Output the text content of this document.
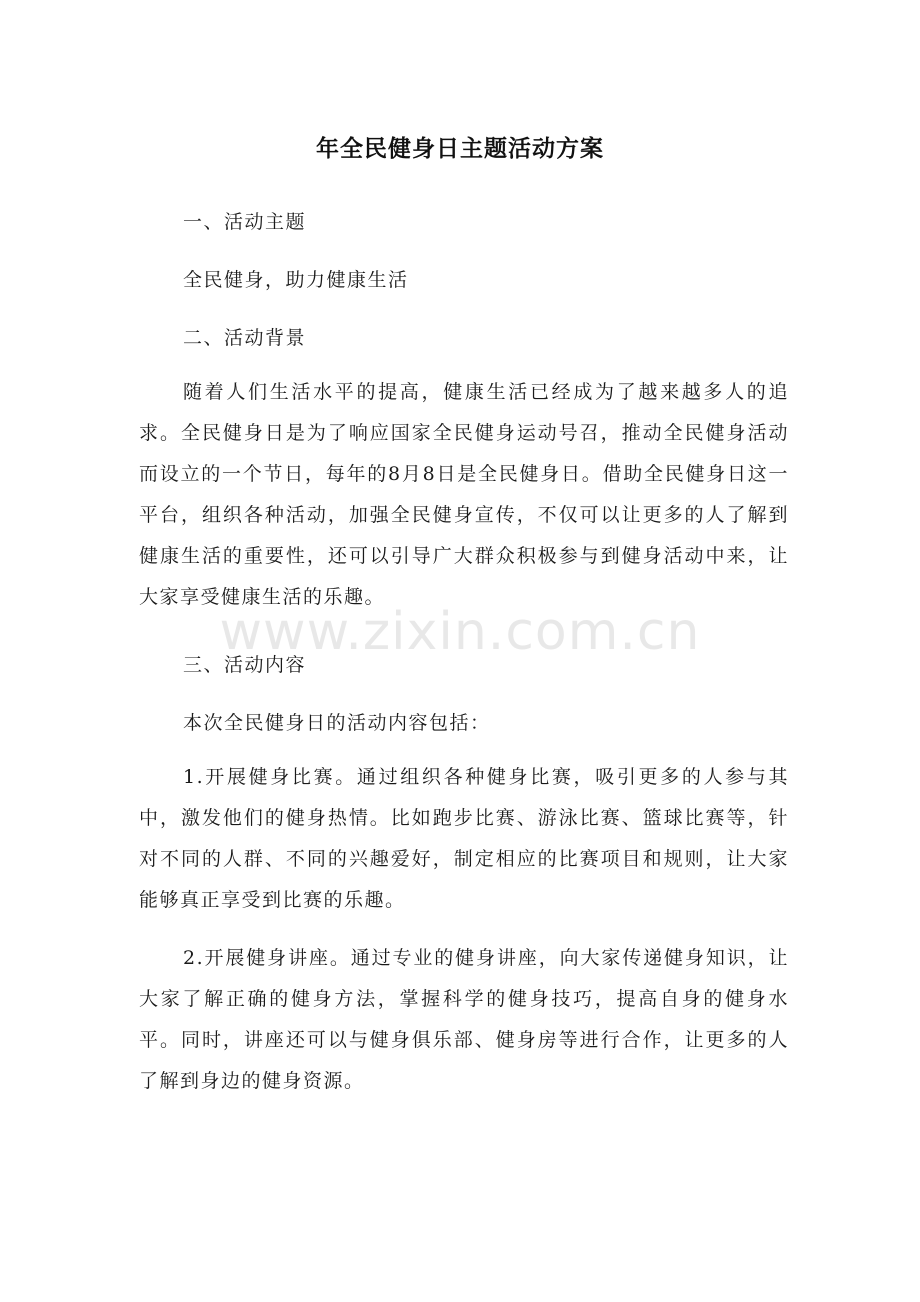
年全民健身日主题活动方案
一、活动主题
全民健身，助力健康生活
二、活动背景
随着人们生活水平的提高，健康生活已经成为了越来越多人的追求。全民健身日是为了响应国家全民健身运动号召，推动全民健身活动而设立的一个节日，每年的8月8日是全民健身日。借助全民健身日这一平台，组织各种活动，加强全民健身宣传，不仅可以让更多的人了解到健康生活的重要性，还可以引导广大群众积极参与到健身活动中来，让大家享受健康生活的乐趣。
www.zixin.com.cn
三、活动内容
本次全民健身日的活动内容包括：
1.开展健身比赛。通过组织各种健身比赛，吸引更多的人参与其中，激发他们的健身热情。比如跑步比赛、游泳比赛、篮球比赛等，针对不同的人群、不同的兴趣爱好，制定相应的比赛项目和规则，让大家能够真正享受到比赛的乐趣。
2.开展健身讲座。通过专业的健身讲座，向大家传递健身知识，让大家了解正确的健身方法，掌握科学的健身技巧，提高自身的健身水平。同时，讲座还可以与健身俱乐部、健身房等进行合作，让更多的人了解到身边的健身资源。
